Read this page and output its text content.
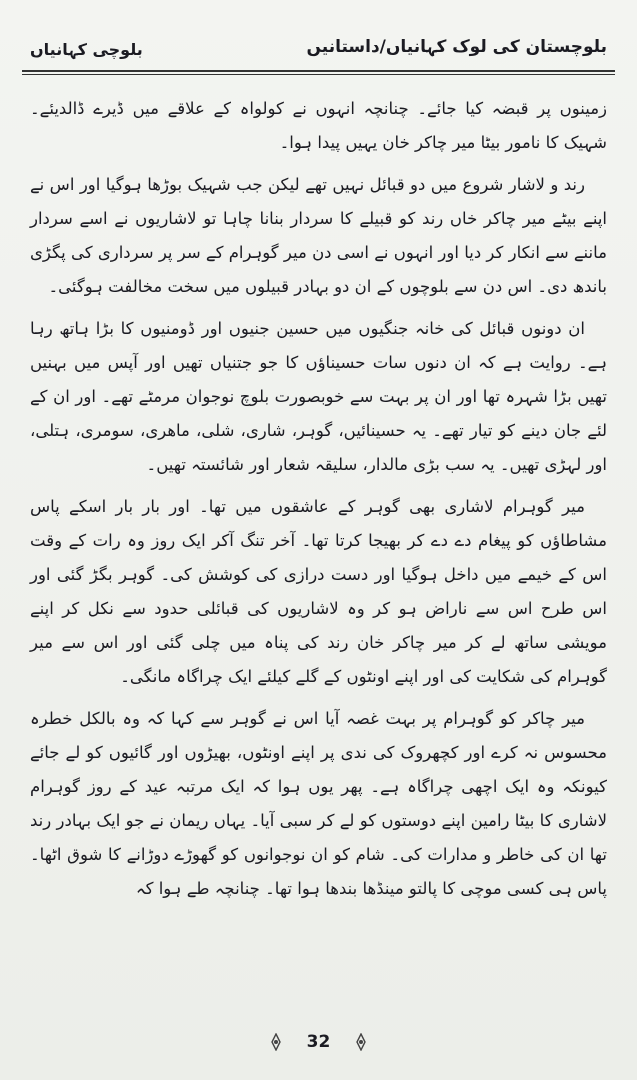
بلوچستان کی لوک کہانیاں/داستانیں
بلوچی کہانیاں

زمینوں پر قبضہ کیا جائے۔ چنانچہ انہوں نے کولواہ کے علاقے میں ڈیرے ڈالدیئے۔ شہیک کا نامور بیٹا میر چاکر خان یہیں پیدا ہوا۔

رند و لاشار شروع میں دو قبائل نہیں تھے لیکن جب شہیک بوڑھا ہوگیا اور اس نے اپنے بیٹے میر چاکر خاں رند کو قبیلے کا سردار بنانا چاہا تو لاشاریوں نے اسے سردار ماننے سے انکار کر دیا اور انہوں نے اسی دن میر گوہرام کے سر پر سرداری کی پگڑی باندھ دی۔ اس دن سے بلوچوں کے ان دو بہادر قبیلوں میں سخت مخالفت ہوگئی۔

ان دونوں قبائل کی خانہ جنگیوں میں حسین جنیوں اور ڈومنیوں کا بڑا ہاتھ رہا ہے۔ روایت ہے کہ ان دنوں سات حسیناؤں کا جو جتنیاں تھیں اور آپس میں بہنیں تھیں بڑا شہرہ تھا اور ان پر بہت سے خوبصورت بلوچ نوجوان مرمٹے تھے۔ اور ان کے لئے جان دینے کو تیار تھے۔ یہ حسینائیں، گوہر، شاری، شلی، ماھری، سومری، ہتلی، اور لہڑی تھیں۔ یہ سب بڑی مالدار، سلیقہ شعار اور شائستہ تھیں۔

میر گوہرام لاشاری بھی گوہر کے عاشقوں میں تھا۔ اور بار بار اسکے پاس مشاطاؤں کو پیغام دے دے کر بھیجا کرتا تھا۔ آخر تنگ آکر ایک روز وہ رات کے وقت اس کے خیمے میں داخل ہوگیا اور دست درازی کی کوشش کی۔ گوہر بگڑ گئی اور اس طرح اس سے ناراض ہو کر وہ لاشاریوں کی قبائلی حدود سے نکل کر اپنے مویشی ساتھ لے کر میر چاکر خان رند کی پناہ میں چلی گئی اور اس سے میر گوہرام کی شکایت کی اور اپنے اونٹوں کے گلے کیلئے ایک چراگاہ مانگی۔

میر چاکر کو گوہرام پر بہت غصہ آیا اس نے گوہر سے کہا کہ وہ بالکل خطرہ محسوس نہ کرے اور کچھروک کی ندی پر اپنے اونٹوں، بھیڑوں اور گائیوں کو لے جائے کیونکہ وہ ایک اچھی چراگاہ ہے۔ پھر یوں ہوا کہ ایک مرتبہ عید کے روز گوہرام لاشاری کا بیٹا رامین اپنے دوستوں کو لے کر سبی آیا۔ یہاں ریمان نے جو ایک بہادر رند تھا ان کی خاطر و مدارات کی۔ شام کو ان نوجوانوں کو گھوڑے دوڑانے کا شوق اٹھا۔ پاس ہی کسی موچی کا پالتو مینڈھا بندھا ہوا تھا۔ چنانچہ طے ہوا کہ

32
